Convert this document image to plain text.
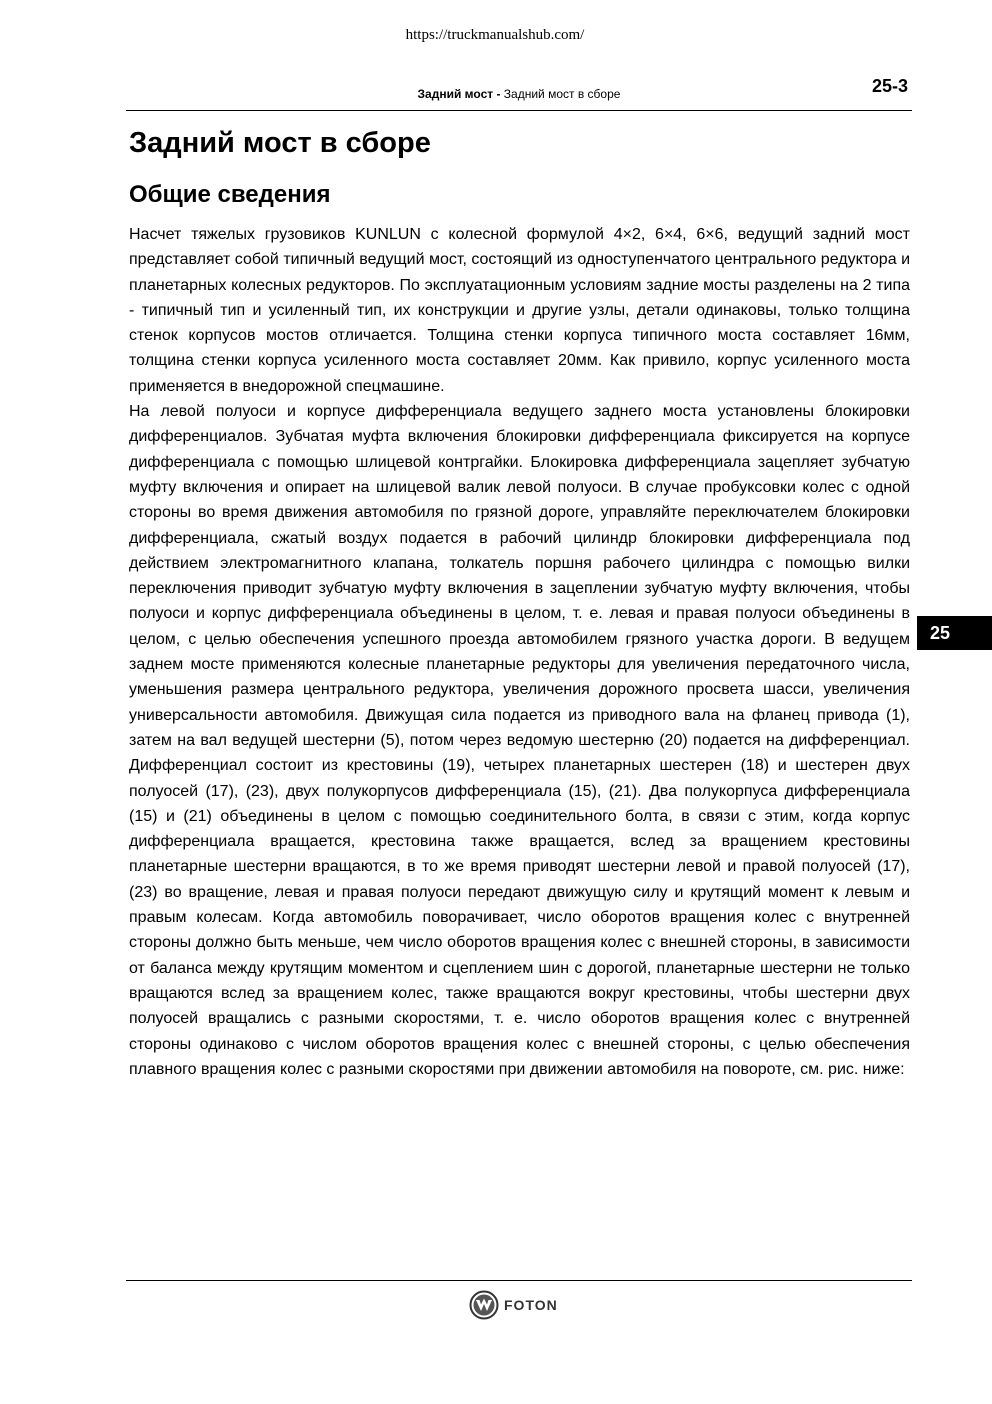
https://truckmanualshub.com/
Задний мост - Задний мост в сборе	25-3
Задний мост в сборе
Общие сведения

Насчет тяжелых грузовиков KUNLUN с колесной формулой 4×2, 6×4, 6×6, ведущий задний мост представляет собой типичный ведущий мост, состоящий из одноступенчатого центрального редуктора и планетарных колесных редукторов. По эксплуатационным условиям задние мосты разделены на 2 типа - типичный тип и усиленный тип, их конструкции и другие узлы, детали одинаковы, только толщина стенок корпусов мостов отличается. Толщина стенки корпуса типичного моста составляет 16мм, толщина стенки корпуса усиленного моста составляет 20мм. Как привило, корпус усиленного моста применяется в внедорожной спецмашине.

На левой полуоси и корпусе дифференциала ведущего заднего моста установлены блокировки дифференциалов. Зубчатая муфта включения блокировки дифференциала фиксируется на корпусе дифференциала с помощью шлицевой контргайки. Блокировка дифференциала зацепляет зубчатую муфту включения и опирает на шлицевой валик левой полуоси. В случае пробуксовки колес с одной стороны во время движения автомобиля по грязной дороге, управляйте переключателем блокировки дифференциала, сжатый воздух подается в рабочий цилиндр блокировки дифференциала под действием электромагнитного клапана, толкатель поршня рабочего цилиндра с помощью вилки переключения приводит зубчатую муфту включения в зацеплении зубчатую муфту включения, чтобы полуоси и корпус дифференциала объединены в целом, т. е. левая и правая полуоси объединены в целом, с целью обеспечения успешного проезда автомобилем грязного участка дороги. В ведущем заднем мосте применяются колесные планетарные редукторы для увеличения передаточного числа, уменьшения размера центрального редуктора, увеличения дорожного просвета шасси, увеличения универсальности автомобиля. Движущая сила подается из приводного вала на фланец привода (1), затем на вал ведущей шестерни (5), потом через ведомую шестерню (20) подается на дифференциал. Дифференциал состоит из крестовины (19), четырех планетарных шестерен (18) и шестерен двух полуосей (17), (23), двух полукорпусов дифференциала (15), (21). Два полукорпуса дифференциала (15) и (21) объединены в целом с помощью соединительного болта, в связи с этим, когда корпус дифференциала вращается, крестовина также вращается, вслед за вращением крестовины планетарные шестерни вращаются, в то же время приводят шестерни левой и правой полуосей (17), (23) во вращение, левая и правая полуоси передают движущую силу и крутящий момент к левым и правым колесам. Когда автомобиль поворачивает, число оборотов вращения колес с внутренней стороны должно быть меньше, чем число оборотов вращения колес с внешней стороны, в зависимости от баланса между крутящим моментом и сцеплением шин с дорогой, планетарные шестерни не только вращаются вслед за вращением колес, также вращаются вокруг крестовины, чтобы шестерни двух полуосей вращались с разными скоростями, т. е. число оборотов вращения колес с внутренней стороны одинаково с числом оборотов вращения колес с внешней стороны, с целью обеспечения плавного вращения колес с разными скоростями при движении автомобиля на повороте, см. рис. ниже:

25
FOTON
